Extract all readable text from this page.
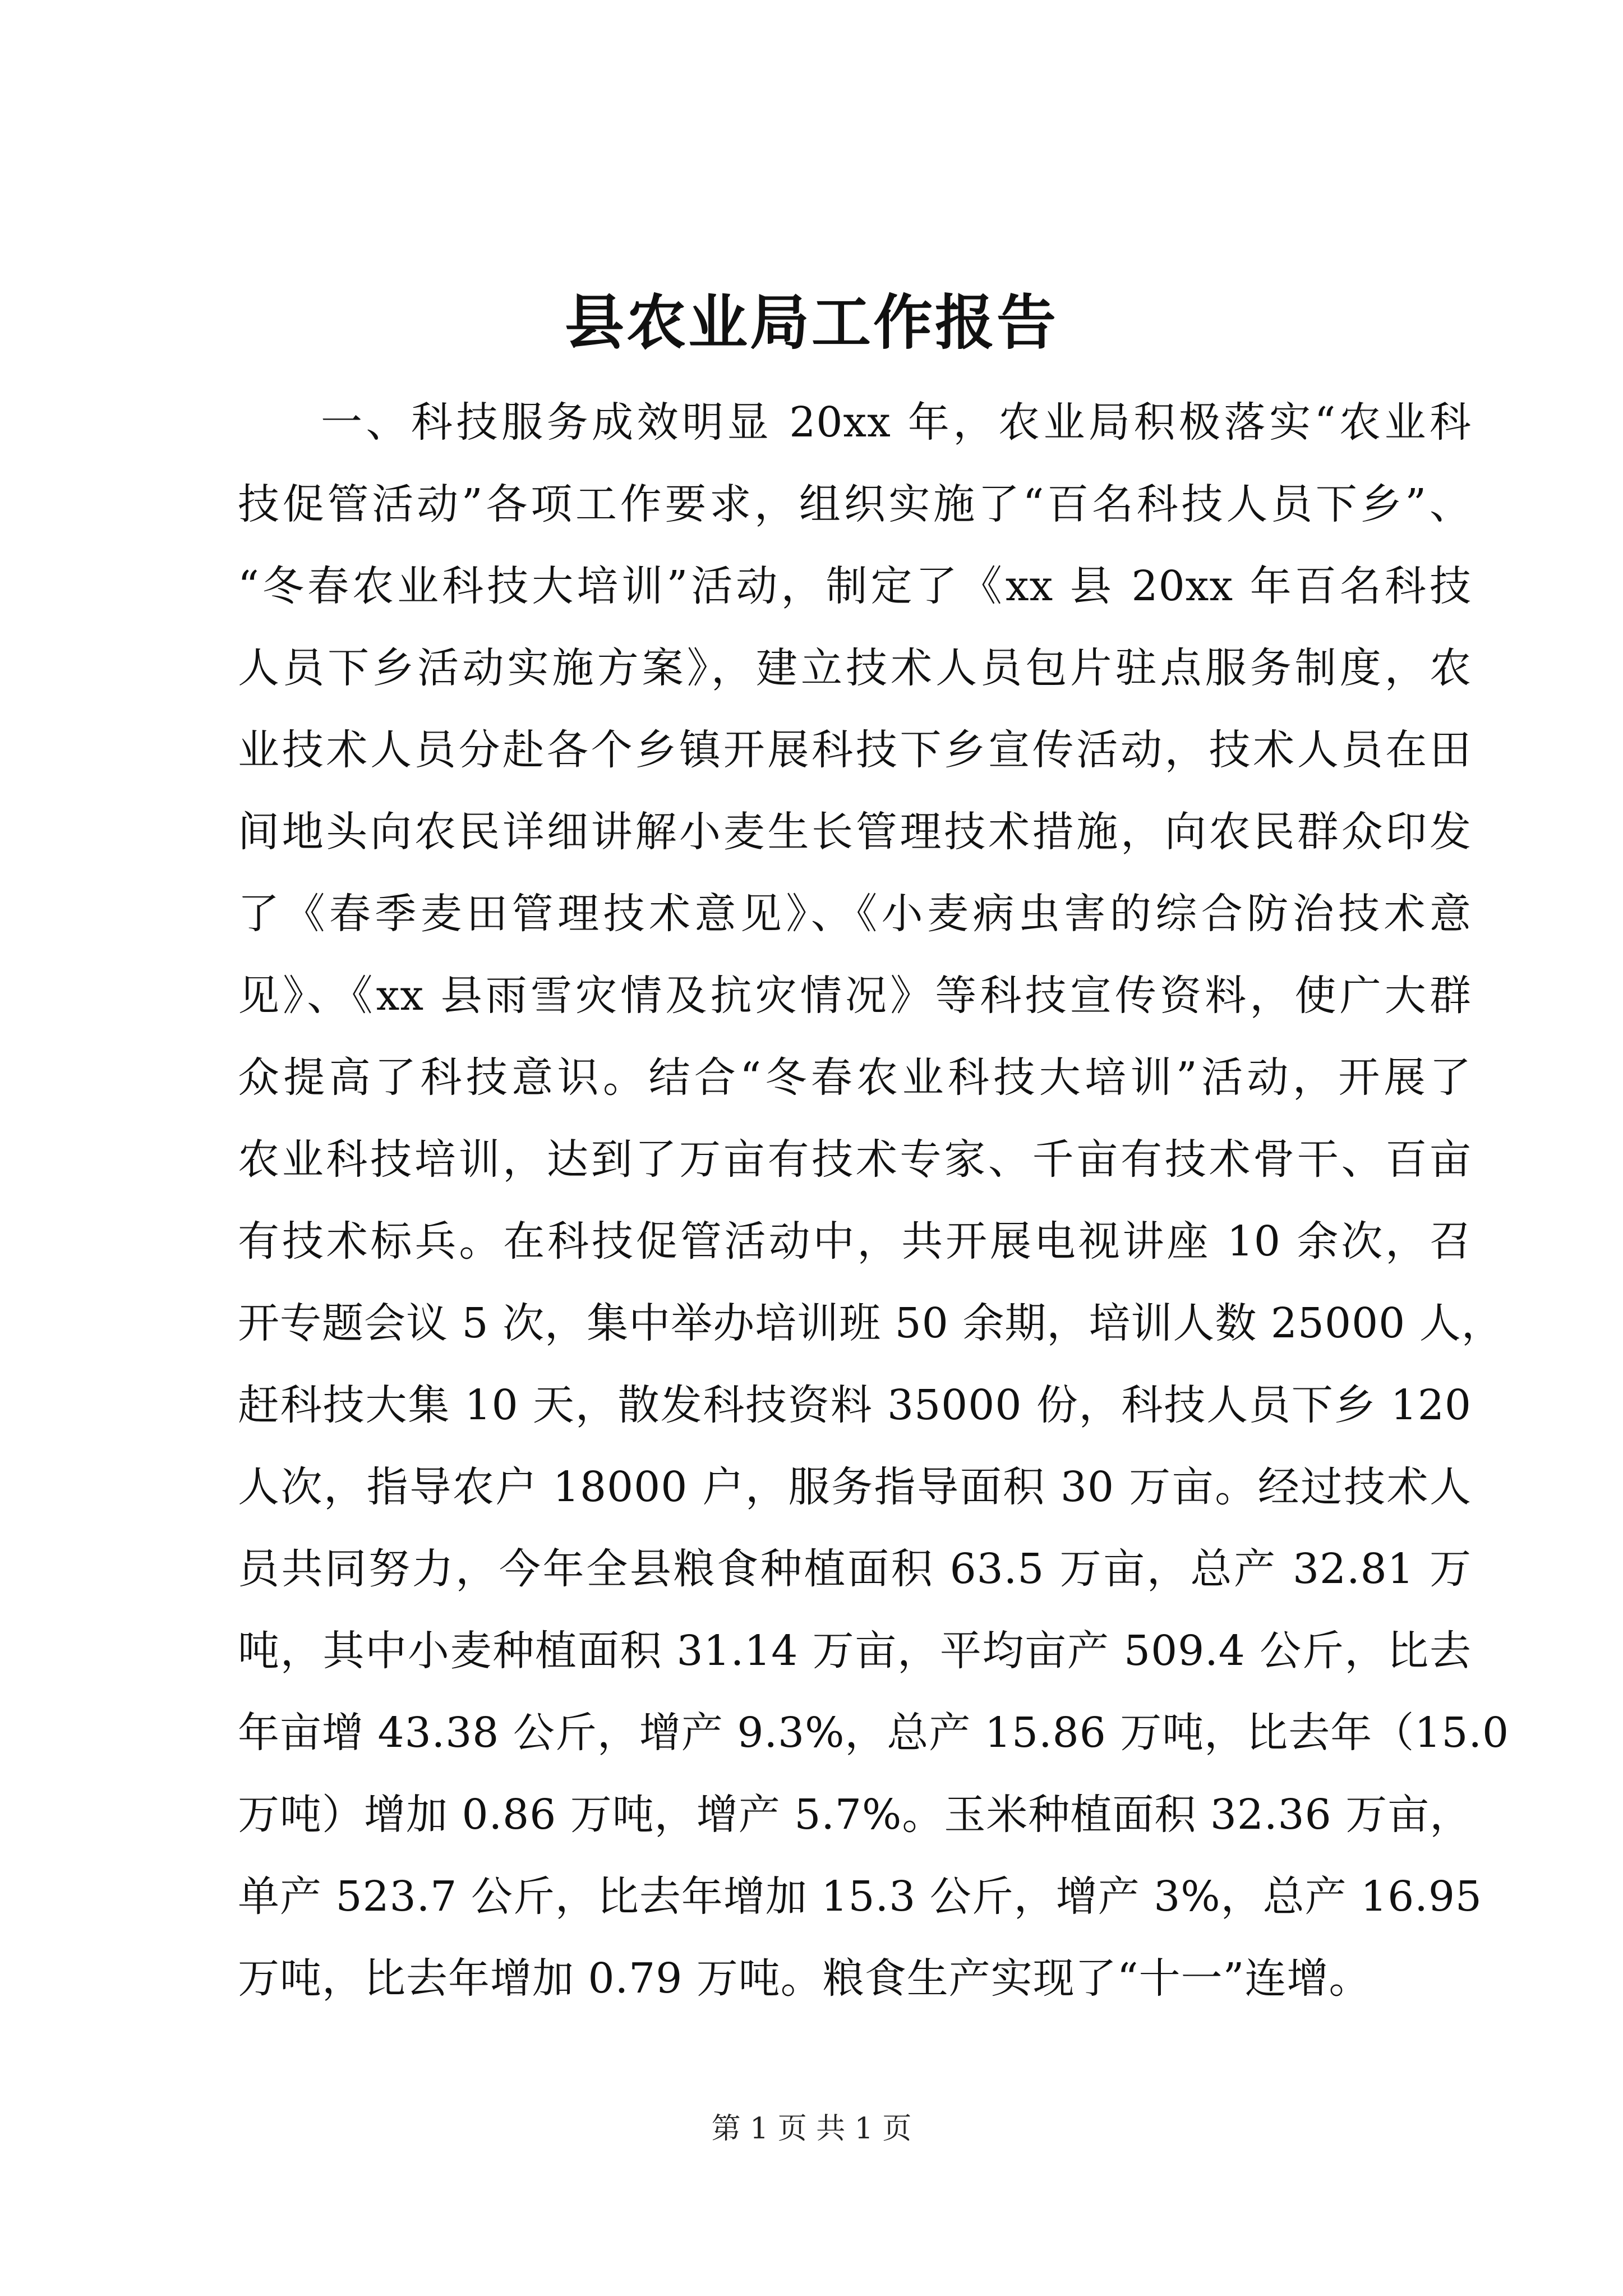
县农业局工作报告
一、科技服务成效明显 20xx 年，农业局积极落实“农业科
技促管活动”各项工作要求，组织实施了“百名科技人员下乡”、
“冬春农业科技大培训”活动，制定了《xx 县 20xx 年百名科技
人员下乡活动实施方案》，建立技术人员包片驻点服务制度，农
业技术人员分赴各个乡镇开展科技下乡宣传活动，技术人员在田
间地头向农民详细讲解小麦生长管理技术措施，向农民群众印发
了《春季麦田管理技术意见》、《小麦病虫害的综合防治技术意
见》、《xx 县雨雪灾情及抗灾情况》等科技宣传资料，使广大群
众提高了科技意识。结合“冬春农业科技大培训”活动，开展了
农业科技培训，达到了万亩有技术专家、千亩有技术骨干、百亩
有技术标兵。在科技促管活动中，共开展电视讲座 10 余次，召
开专题会议 5 次，集中举办培训班 50 余期，培训人数 25000 人，
赶科技大集 10 天，散发科技资料 35000 份，科技人员下乡 120
人次，指导农户 18000 户，服务指导面积 30 万亩。经过技术人
员共同努力，今年全县粮食种植面积 63.5 万亩，总产 32.81 万
吨，其中小麦种植面积 31.14 万亩，平均亩产 509.4 公斤，比去
年亩增 43.38 公斤，增产 9.3%，总产 15.86 万吨，比去年（15.0
万吨）增加 0.86 万吨，增产 5.7%。玉米种植面积 32.36 万亩，
单产 523.7 公斤，比去年增加 15.3 公斤，增产 3%，总产 16.95
万吨，比去年增加 0.79 万吨。粮食生产实现了“十一”连增。
第 1 页 共 1 页
